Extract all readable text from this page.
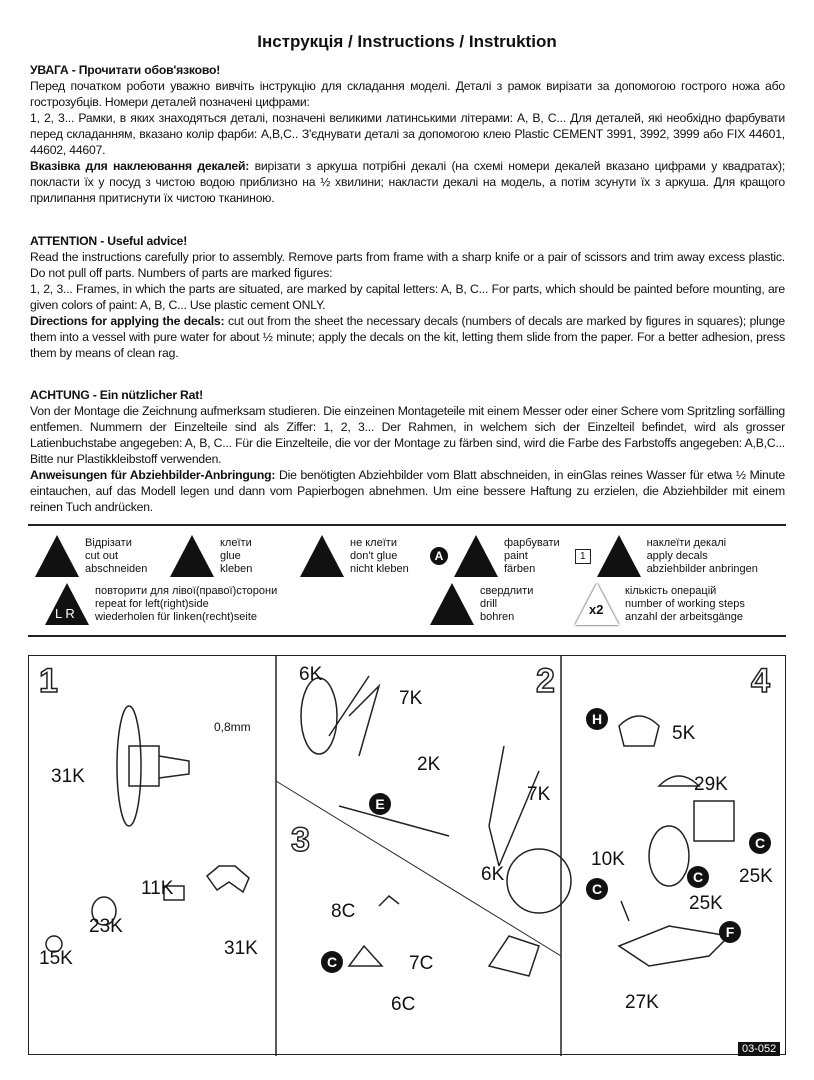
Інструкція / Instructions / Instruktion
УВАГА - Прочитати обов'язково!

Перед початком роботи уважно вивчіть інструкцію для складання моделі. Деталі з рамок вирізати за допомогою гострого ножа або гострозубців. Номери деталей позначені цифрами:

1, 2, 3... Рамки, в яких знаходяться деталі, позначені великими латинськими літерами: A, B, C... Для деталей, які необхідно фарбувати перед складанням, вказано колір фарби: A,B,C.. З'єднувати деталі за допомогою клею Plastic CEMENT 3991, 3992, 3999 або FIX 44601, 44602, 44607.

Вказівка для наклеювання декалей: вирізати з аркуша потрібні декалі (на схемі номери декалей вказано цифрами у квадратах); покласти їх у посуд з чистою водою приблизно на ½ хвилини; накласти декалі на модель, а потім зсунути їх з аркуша. Для кращого прилипання притиснути їх чистою тканиною.

ATTENTION - Useful advice!

Read the instructions carefully prior to assembly. Remove parts from frame with a sharp knife or a pair of scissors and trim away excess plastic. Do not pull off parts. Numbers of parts are marked figures:

1, 2, 3... Frames, in which the parts are situated, are marked by capital letters: A, B, C... For parts, which should be painted before mounting, are given colors of paint: A, B, C... Use plastic cement ONLY.

Directions for applying the decals: cut out from the sheet the necessary decals (numbers of decals are marked by figures in squares); plunge them into a vessel with pure water for about ½ minute; apply the decals on the kit, letting them slide from the paper. For a better adhesion, press them by means of clean rag.

ACHTUNG - Ein nützlicher Rat!

Von der Montage die Zeichnung aufmerksam studieren. Die einzeinen Montageteile mit einem Messer oder einer Schere vom Spritzling sorfälling entfemen. Nummern der Einzelteile sind als Ziffer: 1, 2, 3... Der Rahmen, in welchem sich der Einzelteil befindet, wird als grosser Latienbuchstabe angegeben: A, B, C... Für die Einzelteile, die vor der Montage zu färben sind, wird die Farbe des Farbstoffs angegeben: A,B,C... Bitte nur Plastikkleibstoff verwenden.

Anweisungen für Abziehbilder-Anbringung: Die benötigten Abziehbilder vom Blatt abschneiden, in einGlas reines Wasser für etwa ½ Minute eintauchen, auf das Modell legen und dann vom Papierbogen abnehmen. Um eine bessere Haftung zu erzielen, die Abziehbilder mit einem reinen Tuch andrücken.

Відрізати
cut out
abschneiden
клеїти
glue
kleben
не клеїти
don't glue
nicht kleben
A
фарбувати
paint
färben
1
наклеїти декалі
apply decals
abziehbilder anbringen
L R
повторити для лівої(правої)сторони
repeat for left(right)side
wiederholen für linken(recht)seite
свердлити
drill
bohren	x2
кількість операцій
number of working steps
anzahl der arbeitsgänge
1	2
3
4
31K
0,8mm
11K
23K
15K	31K
6K
7K
2K
7K
6K
E
8C
7C
6C
C
5K
29K
10K
25K
25K
27K
H
C
C
C
F
03-052
